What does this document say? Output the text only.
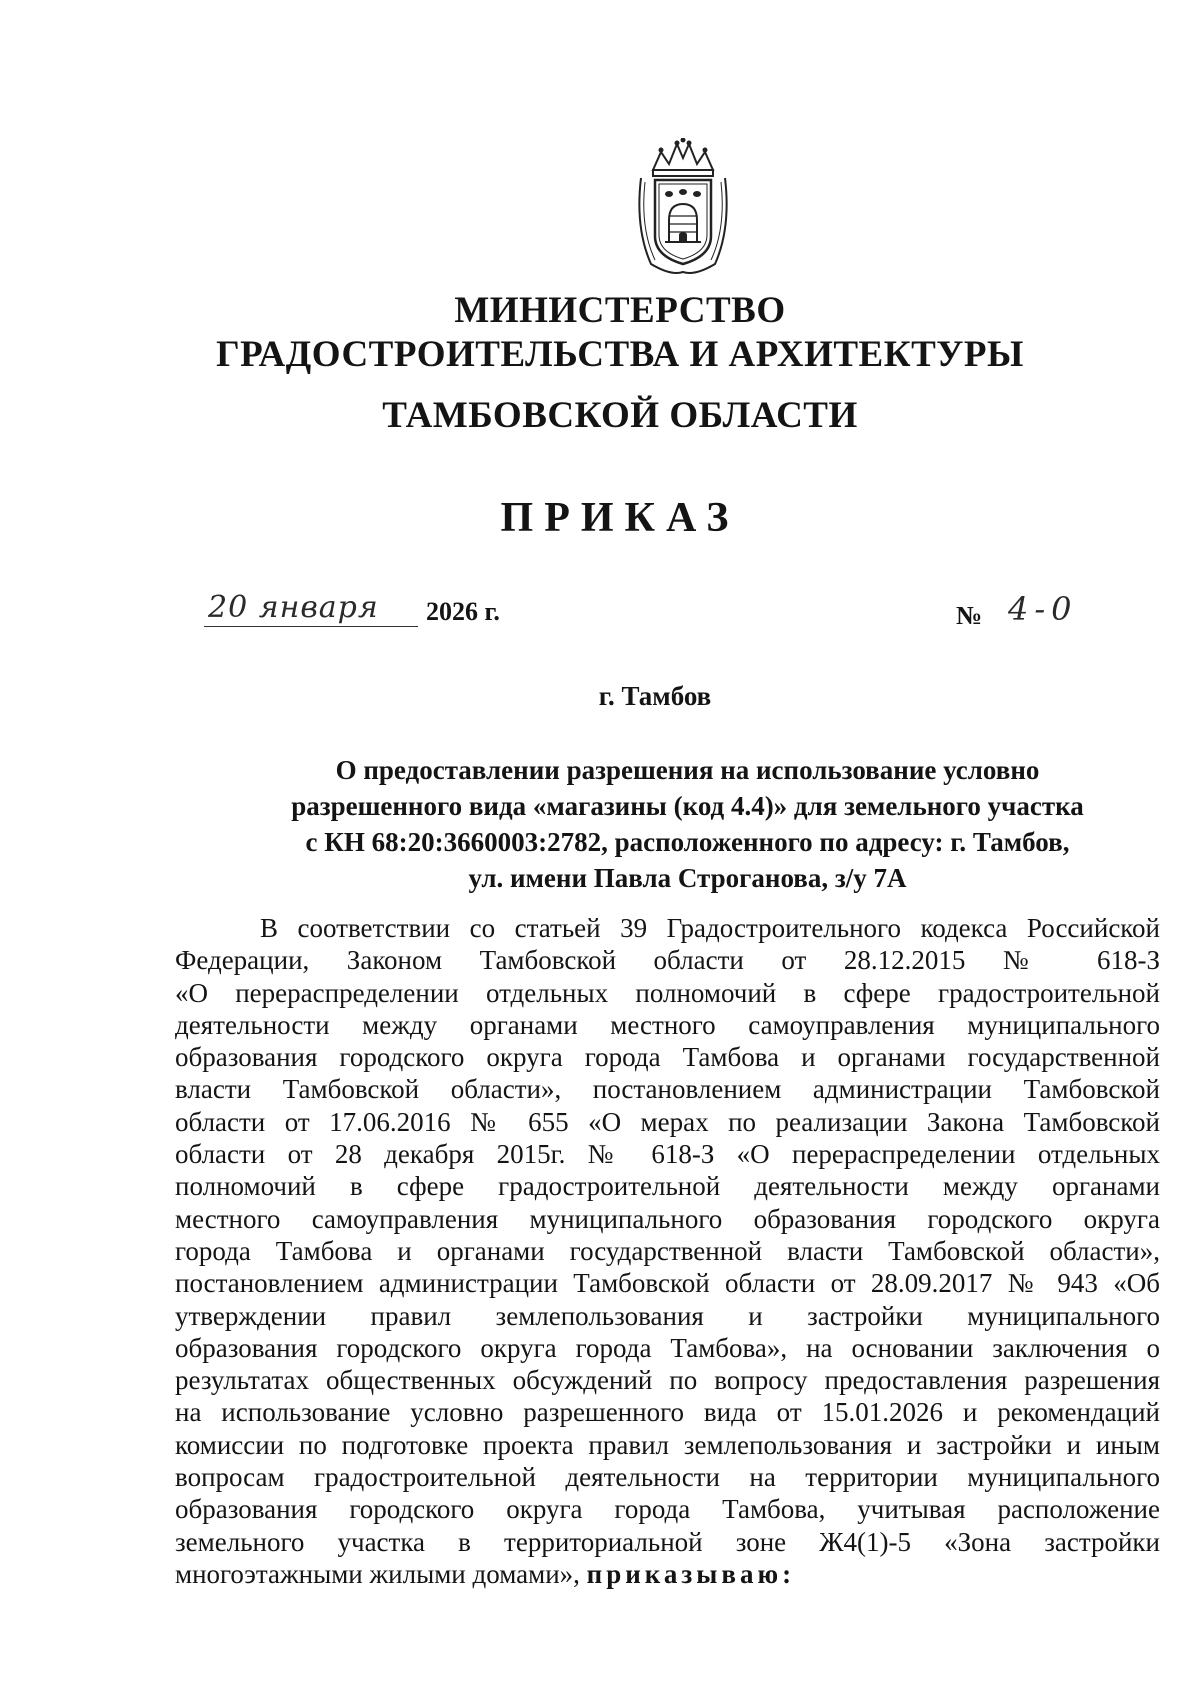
МИНИСТЕРСТВО
ГРАДОСТРОИТЕЛЬСТВА И АРХИТЕКТУРЫ
ТАМБОВСКОЙ ОБЛАСТИ
ПРИКАЗ
20 января	2026 г.	№ 4-0
г. Тамбов
О предоставлении разрешения на использование условно
разрешенного вида «магазины (код 4.4)» для земельного участка
с КН 68:20:3660003:2782, расположенного по адресу: г. Тамбов,
ул. имени Павла Строганова, з/у 7А
В соответствии со статьей 39 Градостроительного кодекса Российской
Федерации, Законом Тамбовской области от 28.12.2015 № 618-З
«О перераспределении отдельных полномочий в сфере градостроительной
деятельности между органами местного самоуправления муниципального
образования городского округа города Тамбова и органами государственной
власти Тамбовской области», постановлением администрации Тамбовской
области от 17.06.2016 № 655 «О мерах по реализации Закона Тамбовской
области от 28 декабря 2015г. № 618-З «О перераспределении отдельных
полномочий в сфере градостроительной деятельности между органами
местного самоуправления муниципального образования городского округа
города Тамбова и органами государственной власти Тамбовской области»,
постановлением администрации Тамбовской области от 28.09.2017 № 943 «Об
утверждении правил землепользования и застройки муниципального
образования городского округа города Тамбова», на основании заключения о
результатах общественных обсуждений по вопросу предоставления разрешения
на использование условно разрешенного вида от 15.01.2026 и рекомендаций
комиссии по подготовке проекта правил землепользования и застройки и иным
вопросам градостроительной деятельности на территории муниципального
образования городского округа города Тамбова, учитывая расположение
земельного участка в территориальной зоне Ж4(1)-5 «Зона застройки
многоэтажными жилыми домами», приказываю:
